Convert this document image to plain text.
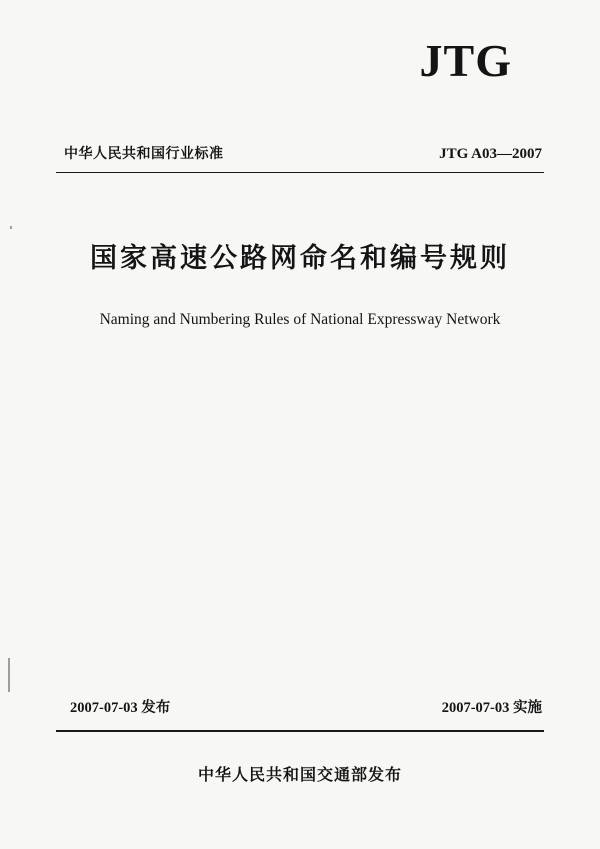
JTG
中华人民共和国行业标准	JTG A03—2007
国家高速公路网命名和编号规则
Naming and Numbering Rules of National Expressway Network
2007-07-03 发布	2007-07-03 实施
中华人民共和国交通部发布
